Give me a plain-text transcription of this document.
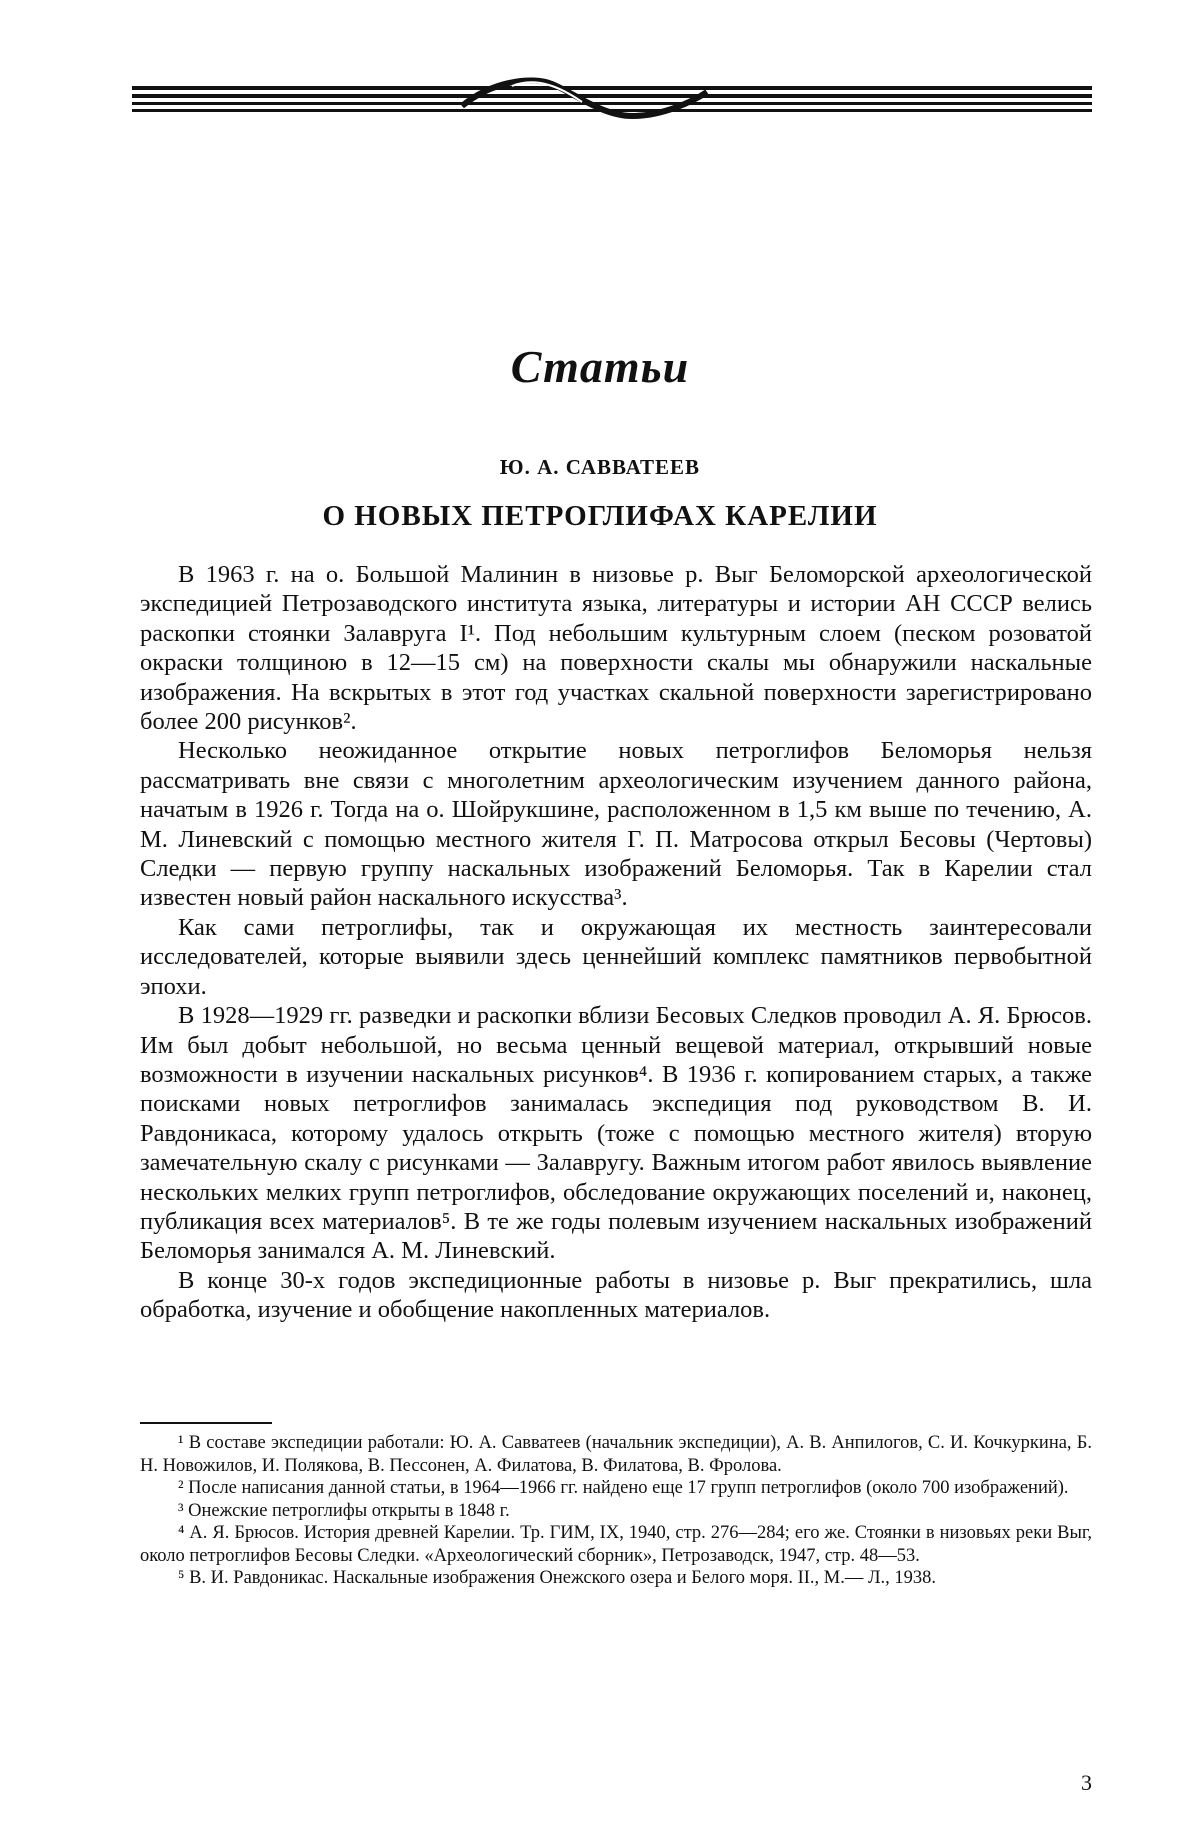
Статьи
Ю. А. САВВАТЕЕВ
О НОВЫХ ПЕТРОГЛИФАХ КАРЕЛИИ

В 1963 г. на о. Большой Малинин в низовье р. Выг Беломорской археологической экспедицией Петрозаводского института языка, литературы и истории АН СССР велись раскопки стоянки Залавруга I¹. Под небольшим культурным слоем (песком розоватой окраски толщиною в 12—15 см) на поверхности скалы мы обнаружили наскальные изображения. На вскрытых в этот год участках скальной поверхности зарегистрировано более 200 рисунков².

Несколько неожиданное открытие новых петроглифов Беломорья нельзя рассматривать вне связи с многолетним археологическим изучением данного района, начатым в 1926 г. Тогда на о. Шойрукшине, расположенном в 1,5 км выше по течению, А. М. Линевский с помощью местного жителя Г. П. Матросова открыл Бесовы (Чертовы) Следки — первую группу наскальных изображений Беломорья. Так в Карелии стал известен новый район наскального искусства³.

Как сами петроглифы, так и окружающая их местность заинтересовали исследователей, которые выявили здесь ценнейший комплекс памятников первобытной эпохи.

В 1928—1929 гг. разведки и раскопки вблизи Бесовых Следков проводил А. Я. Брюсов. Им был добыт небольшой, но весьма ценный вещевой материал, открывший новые возможности в изучении наскальных рисунков⁴. В 1936 г. копированием старых, а также поисками новых петроглифов занималась экспедиция под руководством В. И. Равдоникаса, которому удалось открыть (тоже с помощью местного жителя) вторую замечательную скалу с рисунками — Залавругу. Важным итогом работ явилось выявление нескольких мелких групп петроглифов, обследование окружающих поселений и, наконец, публикация всех материалов⁵. В те же годы полевым изучением наскальных изображений Беломорья занимался А. М. Линевский.

В конце 30-х годов экспедиционные работы в низовье р. Выг прекратились, шла обработка, изучение и обобщение накопленных материалов.

¹ В составе экспедиции работали: Ю. А. Савватеев (начальник экспедиции), А. В. Анпилогов, С. И. Кочкуркина, Б. Н. Новожилов, И. Полякова, В. Пессонен, А. Филатова, В. Филатова, В. Фролова.

² После написания данной статьи, в 1964—1966 гг. найдено еще 17 групп петроглифов (около 700 изображений).

³ Онежские петроглифы открыты в 1848 г.

⁴ А. Я. Брюсов. История древней Карелии. Тр. ГИМ, IX, 1940, стр. 276—284; его же. Стоянки в низовьях реки Выг, около петроглифов Бесовы Следки. «Археологический сборник», Петрозаводск, 1947, стр. 48—53.

⁵ В. И. Равдоникас. Наскальные изображения Онежского озера и Белого моря. II., М.— Л., 1938.

3
